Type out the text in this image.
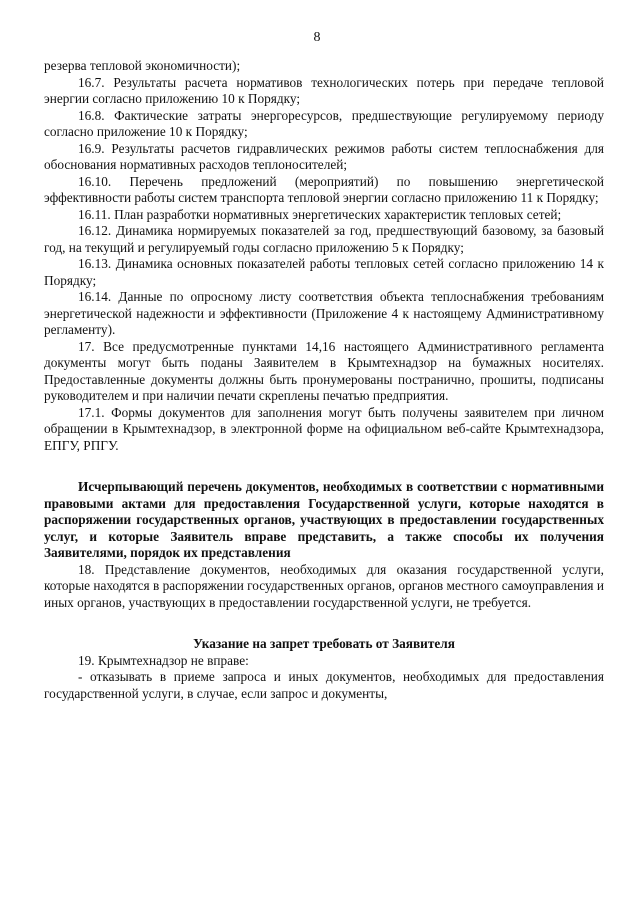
8

резерва тепловой экономичности);

16.7. Результаты расчета нормативов технологических потерь при передаче тепловой энергии согласно приложению 10 к Порядку;

16.8. Фактические затраты энергоресурсов, предшествующие регулируемому периоду согласно приложение 10 к Порядку;

16.9. Результаты расчетов гидравлических режимов работы систем теплоснабжения для обоснования нормативных расходов теплоносителей;

16.10. Перечень предложений (мероприятий) по повышению энергетической эффективности работы систем транспорта тепловой энергии согласно приложению 11 к Порядку;

16.11. План разработки нормативных энергетических характеристик тепловых сетей;

16.12. Динамика нормируемых показателей за год, предшествующий базовому, за базовый год, на текущий и регулируемый годы согласно приложению 5 к Порядку;

16.13. Динамика основных показателей работы тепловых сетей согласно приложению 14 к Порядку;

16.14. Данные по опросному листу соответствия объекта теплоснабжения требованиям энергетической надежности и эффективности (Приложение 4 к настоящему Административному регламенту).

17. Все предусмотренные пунктами 14,16 настоящего Административного регламента документы могут быть поданы Заявителем в Крымтехнадзор на бумажных носителях. Предоставленные документы должны быть пронумерованы постранично, прошиты, подписаны руководителем и при наличии печати скреплены печатью предприятия.

17.1. Формы документов для заполнения могут быть получены заявителем при личном обращении в Крымтехнадзор, в электронной форме на официальном веб-сайте Крымтехнадзора, ЕПГУ, РПГУ.

Исчерпывающий перечень документов, необходимых в соответствии с нормативными правовыми актами для предоставления Государственной услуги, которые находятся в распоряжении государственных органов, участвующих в предоставлении государственных услуг, и которые Заявитель вправе представить, а также способы их получения Заявителями, порядок их представления

18. Представление документов, необходимых для оказания государственной услуги, которые находятся в распоряжении государственных органов, органов местного самоуправления и иных органов, участвующих в предоставлении государственной услуги, не требуется.

Указание на запрет требовать от Заявителя

19. Крымтехнадзор не вправе:

- отказывать в приеме запроса и иных документов, необходимых для предоставления государственной услуги, в случае, если запрос и документы,
